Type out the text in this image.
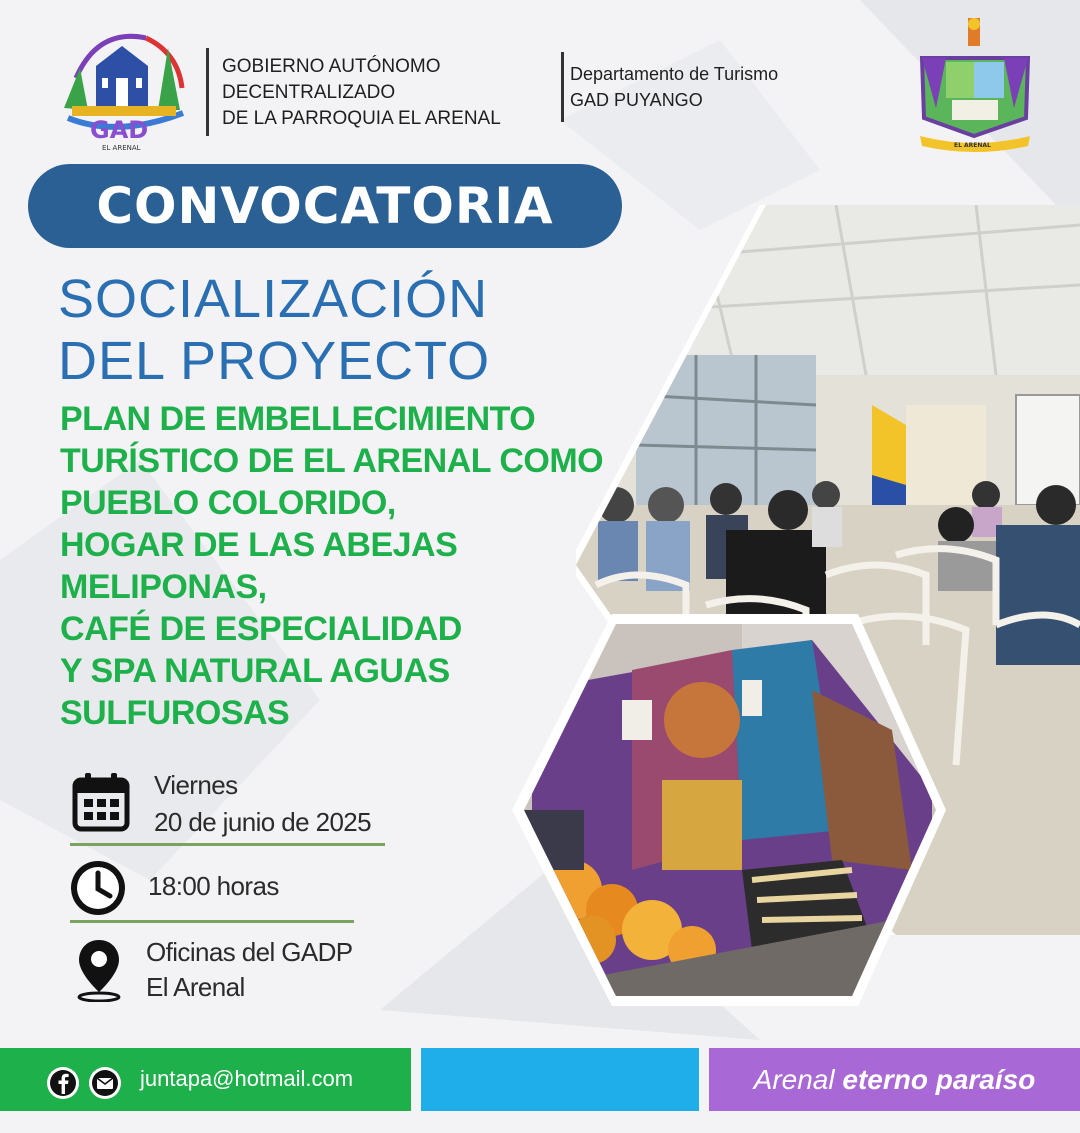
GAD
EL ARENAL
GOBIERNO AUTÓNOMO
DECENTRALIZADO
DE LA PARROQUIA EL ARENAL
Departamento de Turismo
GAD PUYANGO
EL ARENAL
CONVOCATORIA
SOCIALIZACIÓN
DEL PROYECTO
PLAN DE EMBELLECIMIENTO
TURÍSTICO DE EL ARENAL COMO
PUEBLO COLORIDO,
HOGAR DE LAS ABEJAS
MELIPONAS,
CAFÉ DE ESPECIALIDAD
Y SPA NATURAL AGUAS
SULFUROSAS
Viernes
20 de junio de 2025
18:00 horas
Oficinas del GADP
El Arenal
Arenal eterno paraíso
juntapa@hotmail.com
